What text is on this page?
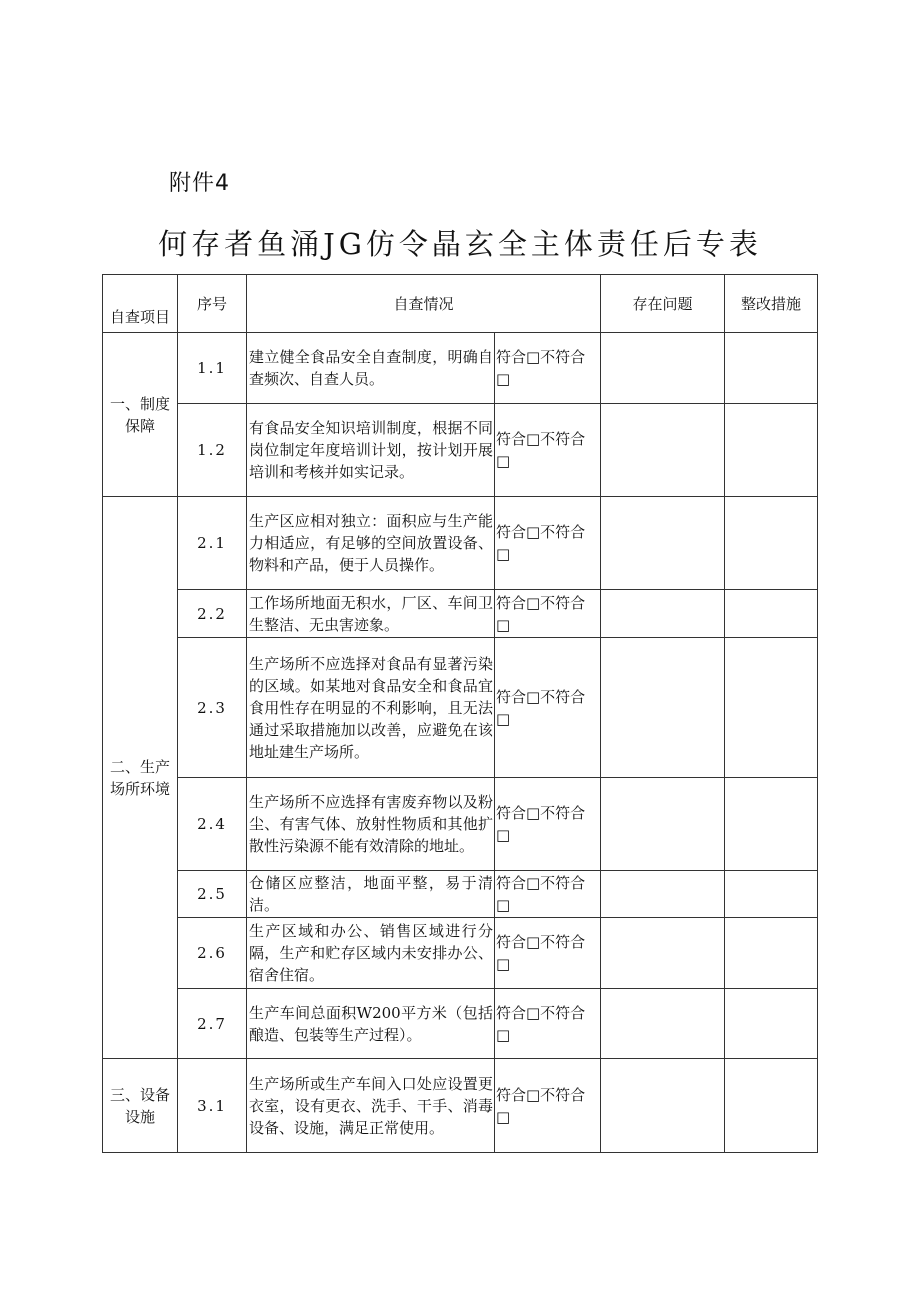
附件4
何存者鱼涌JG仿令晶玄全主体责任后专表
自查项目	序号	自查情况		存在问题	整改措施
一、制度保障	1.1	建立健全食品安全自查制度，明确自查频次、自查人员。	符合□不符合□		
	1.2	有食品安全知识培训制度，根据不同岗位制定年度培训计划，按计划开展培训和考核并如实记录。	符合□不符合□		
二、生产场所环境	2.1	生产区应相对独立：面积应与生产能力相适应，有足够的空间放置设备、物料和产品，便于人员操作。	符合□不符合□		
	2.2	工作场所地面无积水，厂区、车间卫生整洁、无虫害迹象。	符合□不符合□		
	2.3	生产场所不应选择对食品有显著污染的区域。如某地对食品安全和食品宜食用性存在明显的不利影响，且无法通过采取措施加以改善，应避免在该地址建生产场所。	符合□不符合□		
	2.4	生产场所不应选择有害废弃物以及粉尘、有害气体、放射性物质和其他扩散性污染源不能有效清除的地址。	符合□不符合□		
	2.5	仓储区应整洁，地面平整，易于清洁。	符合□不符合□		
	2.6	生产区域和办公、销售区域进行分隔，生产和贮存区域内未安排办公、宿舍住宿。	符合□不符合□		
	2.7	生产车间总面积W200平方米（包括酿造、包装等生产过程）。	符合□不符合□		
三、设备设施	3.1	生产场所或生产车间入口处应设置更衣室，设有更衣、洗手、干手、消毒设备、设施，满足正常使用。	符合□不符合□		
